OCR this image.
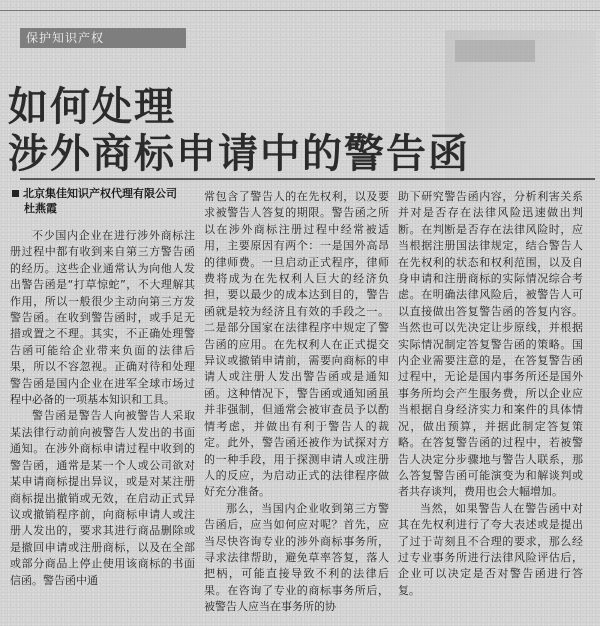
保护知识产权
如何处理
涉外商标申请中的警告函
北京集佳知识产权代理有限公司
杜燕霞

不少国内企业在进行涉外商标注册过程中都有收到来自第三方警告函的经历。这些企业通常认为向他人发出警告函是“打草惊蛇”，不大理解其作用，所以一般很少主动向第三方发警告函。在收到警告函时，或手足无措或置之不理。其实，不正确处理警告函可能给企业带来负面的法律后果，所以不容忽视。正确对待和处理警告函是国内企业在进军全球市场过程中必备的一项基本知识和工具。

警告函是警告人向被警告人采取某法律行动前向被警告人发出的书面通知。在涉外商标申请过程中收到的警告函，通常是某一个人或公司欲对某申请商标提出异议，或是对某注册商标提出撤销或无效，在启动正式异议或撤销程序前，向商标申请人或注册人发出的，要求其进行商品删除或是撤回申请或注册商标，以及在全部或部分商品上停止使用该商标的书面信函。警告函中通

常包含了警告人的在先权利，以及要求被警告人答复的期限。警告函之所以在涉外商标注册过程中经常被适用，主要原因有两个：一是国外高昂的律师费。一旦启动正式程序，律师费将成为在先权利人巨大的经济负担，要以最少的成本达到目的，警告函就是较为经济且有效的手段之一。二是部分国家在法律程序中规定了警告函的应用。在先权利人在正式提交异议或撤销申请前，需要向商标的申请人或注册人发出警告函或是通知函。这种情况下，警告函或通知函虽并非强制，但通常会被审查员予以酌情考虑，并做出有利于警告人的裁定。此外，警告函还被作为试探对方的一种手段，用于探测申请人或注册人的反应，为启动正式的法律程序做好充分准备。

那么，当国内企业收到第三方警告函后，应当如何应对呢？首先，应当尽快咨询专业的涉外商标事务所，寻求法律帮助，避免草率答复，落人把柄，可能直接导致不利的法律后果。在咨询了专业的商标事务所后，被警告人应当在事务所的协

助下研究警告函内容，分析利害关系并对是否存在法律风险迅速做出判断。在判断是否存在法律风险时，应当根据注册国法律规定，结合警告人在先权利的状态和权利范围，以及自身申请和注册商标的实际情况综合考虑。在明确法律风险后，被警告人可以直接做出答复警告函的答复内容。当然也可以先决定让步原线，并根据实际情况制定答复警告函的策略。国内企业需要注意的是，在答复警告函过程中，无论是国内事务所还是国外事务所均会产生服务费，所以企业应当根据自身经济实力和案件的具体情况，做出预算，并据此制定答复策略。在答复警告函的过程中，若被警告人决定分步骤地与警告人联系，那么答复警告函可能演变为和解谈判或者共存谈判，费用也会大幅增加。

当然，如果警告人在警告函中对其在先权利进行了夸大表述或是提出了过于苛刻且不合理的要求，那么经过专业事务所进行法律风险评估后，企业可以决定是否对警告函进行答复。
